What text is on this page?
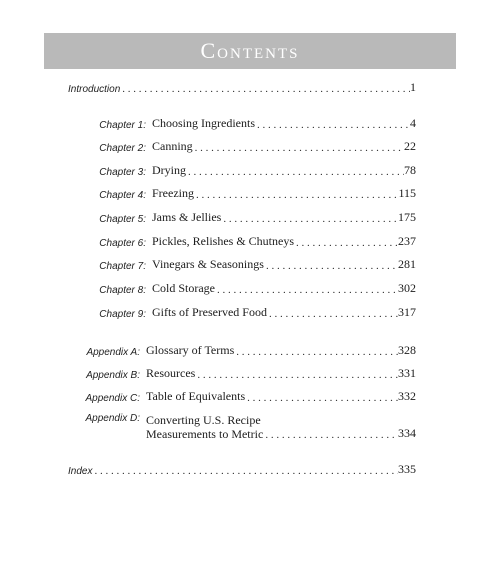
Contents
Introduction . . .	1
Chapter 1: Choosing Ingredients . . .	4
Chapter 2: Canning . . .	22
Chapter 3: Drying . . .	78
Chapter 4: Freezing . . .	115
Chapter 5: Jams & Jellies . . .	175
Chapter 6: Pickles, Relishes & Chutneys . . .	237
Chapter 7: Vinegars & Seasonings . . .	281
Chapter 8: Cold Storage . . .	302
Chapter 9: Gifts of Preserved Food . . .	317
Appendix A: Glossary of Terms . . .	328
Appendix B: Resources . . .	331
Appendix C: Table of Equivalents . . .	332
Appendix D: Converting U.S. Recipe
Measurements to Metric . . .	334
Index . . .	335
